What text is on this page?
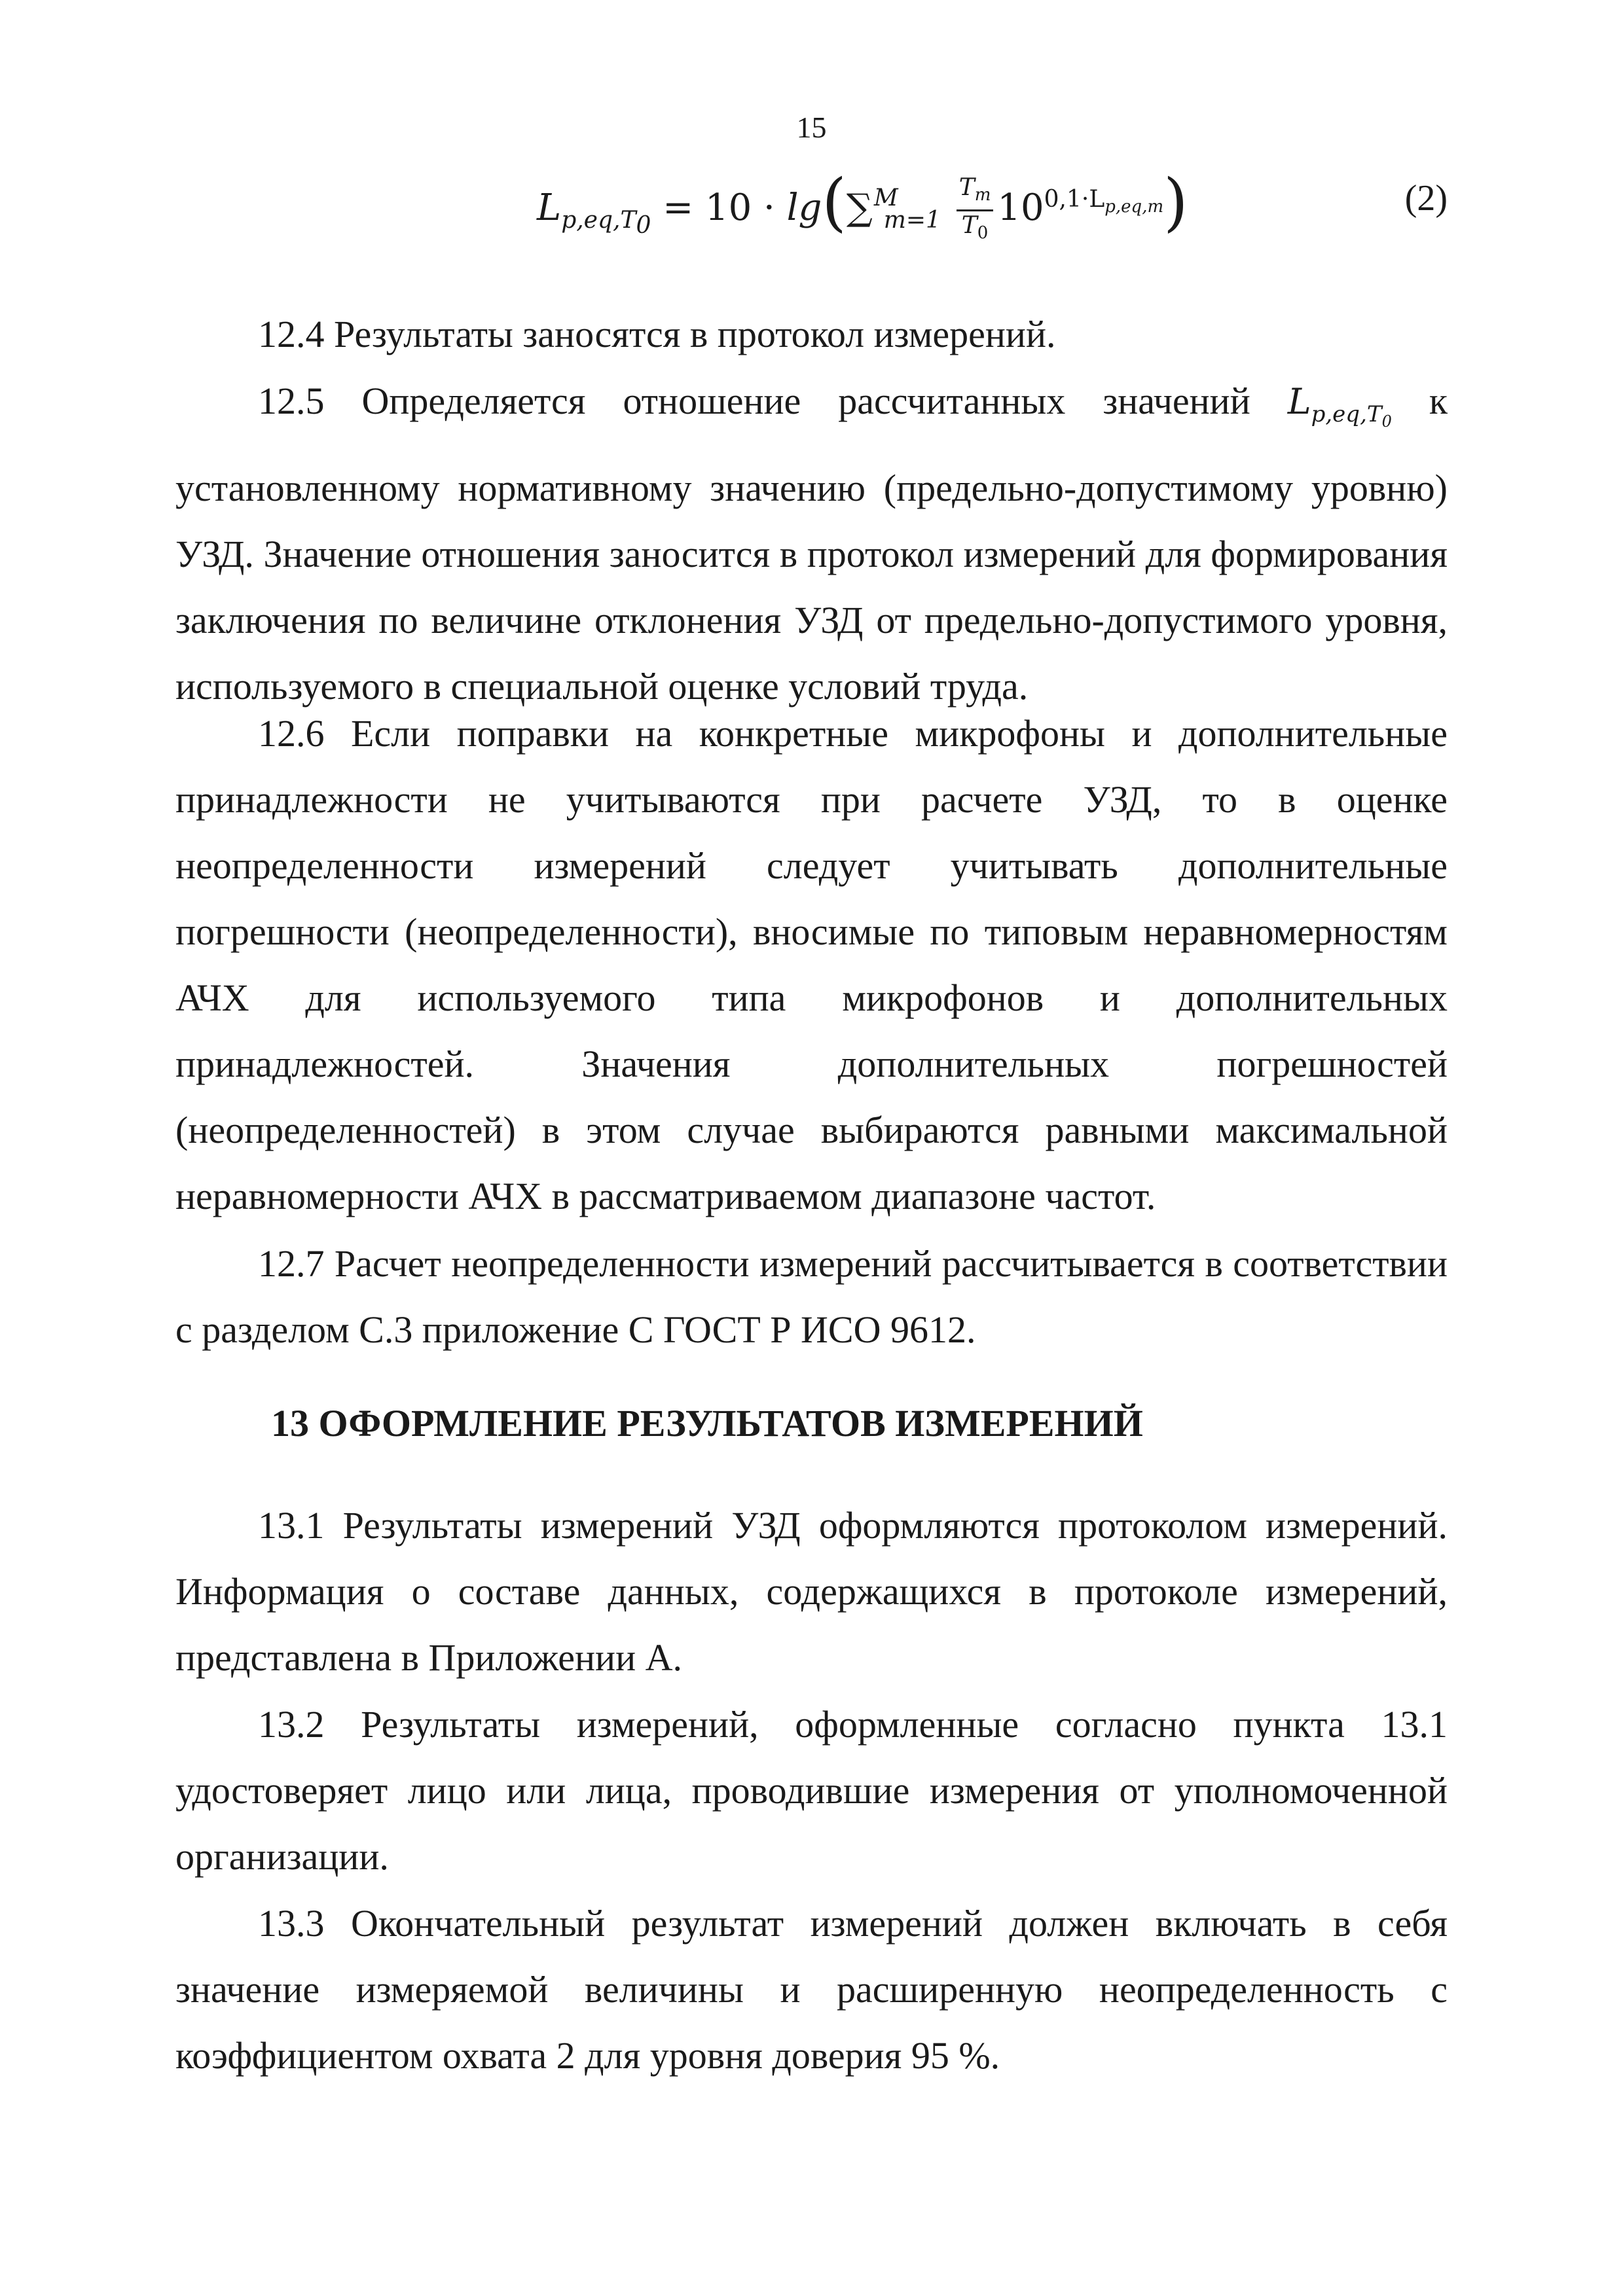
15
$L_{p,eq,T_0} = 10 \cdot \lg(\sum^M_{m=1} \frac{T_m}{T_0} 10^{0,1\cdot L_{p,eq,m}})$	(2)

12.4 Результаты заносятся в протокол измерений.

12.5 Определяется отношение рассчитанных значений $L_{p,eq,T_0}$ к установленному нормативному значению (предельно-допустимому уровню) УЗД. Значение отношения заносится в протокол измерений для формирования заключения по величине отклонения УЗД от предельно-допустимого уровня, используемого в специальной оценке условий труда.

12.6 Если поправки на конкретные микрофоны и дополнительные принадлежности не учитываются при расчете УЗД, то в оценке неопределенности измерений следует учитывать дополнительные погрешности (неопределенности), вносимые по типовым неравномерностям АЧХ для используемого типа микрофонов и дополнительных принадлежностей. Значения дополнительных погрешностей (неопределенностей) в этом случае выбираются равными максимальной неравномерности АЧХ в рассматриваемом диапазоне частот.

12.7 Расчет неопределенности измерений рассчитывается в соответствии с разделом С.3 приложение С ГОСТ Р ИСО 9612.

13 ОФОРМЛЕНИЕ РЕЗУЛЬТАТОВ ИЗМЕРЕНИЙ

13.1 Результаты измерений УЗД оформляются протоколом измерений. Информация о составе данных, содержащихся в протоколе измерений, представлена в Приложении А.

13.2 Результаты измерений, оформленные согласно пункта 13.1 удостоверяет лицо или лица, проводившие измерения от уполномоченной организации.

13.3 Окончательный результат измерений должен включать в себя значение измеряемой величины и расширенную неопределенность с коэффициентом охвата 2 для уровня доверия 95 %.
